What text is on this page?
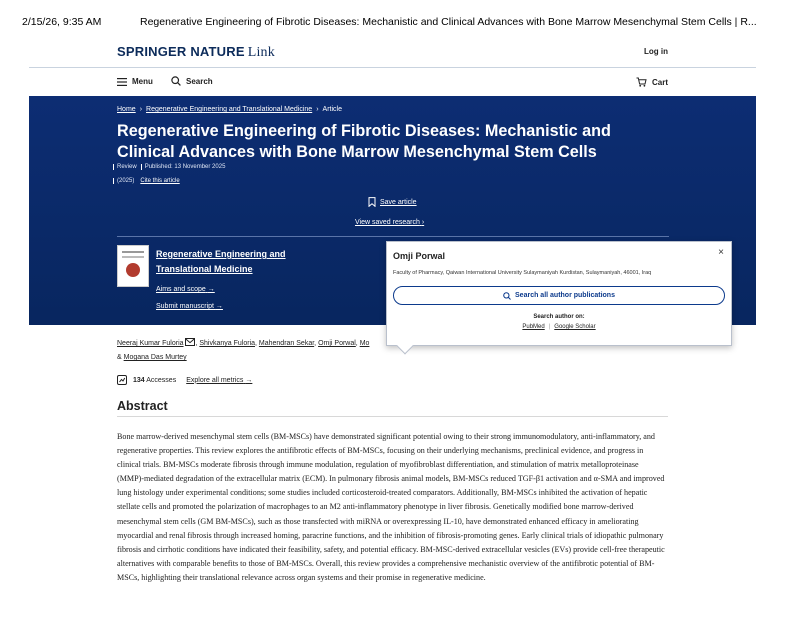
2/15/26, 9:35 AM	Regenerative Engineering of Fibrotic Diseases: Mechanistic and Clinical Advances with Bone Marrow Mesenchymal Stem Cells | R...
SPRINGER NATURE Link	Log in
Menu	Search	Cart
Home › Regenerative Engineering and Translational Medicine › Article
Regenerative Engineering of Fibrotic Diseases: Mechanistic and Clinical Advances with Bone Marrow Mesenchymal Stem Cells
Review Published: 13 November 2025
(2025) Cite this article
Save article
View saved research ›
Regenerative Engineering and Translational Medicine
Aims and scope →
Submit manuscript →
Neeraj Kumar Fuloria , Shivkanya Fuloria, Mahendran Sekar, Omji Porwal, Mo
& Mogana Das Murtey
134 Accesses Explore all metrics →
Abstract

Bone marrow-derived mesenchymal stem cells (BM-MSCs) have demonstrated significant potential owing to their strong immunomodulatory, anti-inflammatory, and regenerative properties. This review explores the antifibrotic effects of BM-MSCs, focusing on their underlying mechanisms, preclinical evidence, and progress in clinical trials. BM-MSCs moderate fibrosis through immune modulation, regulation of myofibroblast differentiation, and stimulation of matrix metalloproteinase (MMP)-mediated degradation of the extracellular matrix (ECM). In pulmonary fibrosis animal models, BM-MSCs reduced TGF-β1 activation and α-SMA and improved lung histology under experimental conditions; some studies included corticosteroid-treated comparators. Additionally, BM-MSCs inhibited the activation of hepatic stellate cells and promoted the polarization of macrophages to an M2 anti-inflammatory phenotype in liver fibrosis. Genetically modified bone marrow-derived mesenchymal stem cells (GM BM-MSCs), such as those transfected with miRNA or overexpressing IL-10, have demonstrated enhanced efficacy in ameliorating myocardial and renal fibrosis through increased homing, paracrine functions, and the inhibition of fibrosis-promoting genes. Early clinical trials of idiopathic pulmonary fibrosis and cirrhotic conditions have indicated their feasibility, safety, and potential efficacy. BM-MSC-derived extracellular vesicles (EVs) provide cell-free therapeutic alternatives with comparable benefits to those of BM-MSCs. Overall, this review provides a comprehensive mechanistic overview of the antifibrotic potential of BM-MSCs, highlighting their translational relevance across organ systems and their promise in regenerative medicine.

Omji Porwal	×
Faculty of Pharmacy, Qaiwan International University Sulaymaniyah Kurdistan, Sulaymaniyah, 46001, Iraq
Search all author publications
Search author on:
PubMed | Google Scholar
